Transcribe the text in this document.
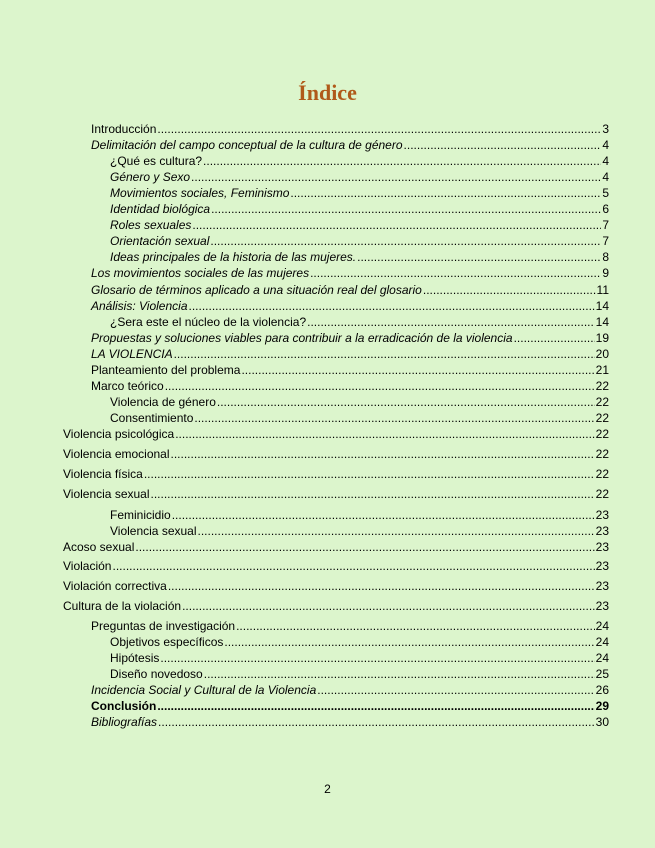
Índice
Introducción .....	3
Delimitación del campo conceptual de la cultura de género .....	4
¿Qué es cultura? .....	4
Género y Sexo .....	4
Movimientos sociales, Feminismo .....	5
Identidad biológica .....	6
Roles sexuales .....	7
Orientación sexual .....	7
Ideas principales de la historia de las mujeres. .....	8
Los movimientos sociales de las mujeres .....	9
Glosario de términos aplicado a una situación real del glosario .....	11
Análisis: Violencia .....	14
¿Sera este el núcleo de la violencia? .....	14
Propuestas y soluciones viables para contribuir a la erradicación de la violencia .....	19
LA VIOLENCIA .....	20
Planteamiento del problema .....	21
Marco teórico .....	22
Violencia de género .....	22
Consentimiento .....	22
Violencia psicológica .....	22
Violencia emocional .....	22
Violencia física .....	22
Violencia sexual .....	22
Feminicidio .....	23
Violencia sexual .....	23
Acoso sexual .....	23
Violación .....	23
Violación correctiva .....	23
Cultura de la violación .....	23
Preguntas de investigación .....	24
Objetivos específicos .....	24
Hipótesis .....	24
Diseño novedoso .....	25
Incidencia Social y Cultural de la Violencia .....	26
Conclusión .....	29
Bibliografías .....	30
2
